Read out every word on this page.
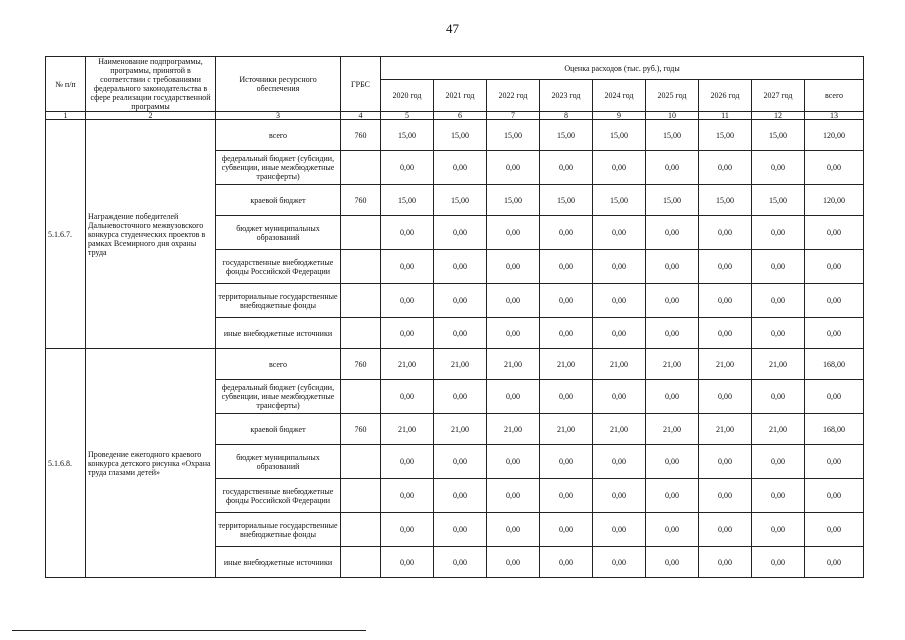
47
№ п/п	Наименование подпрограммы, программы, принятой в соответствии с требованиями федерального законодательства в сфере реализации государственной программы	Источники ресурсного обеспечения	ГРБС	Оценка расходов (тыс. руб.), годы								
				2020 год	2021 год	2022 год	2023 год	2024 год	2025 год	2026 год	2027 год	всего
1	2	3	4	5	6	7	8	9	10	11	12	13
5.1.6.7.	Награждение победителей Дальневосточного межвузовского конкурса студенческих проектов в рамках Всемирного дня охраны труда	всего	760	15,00	15,00	15,00	15,00	15,00	15,00	15,00	15,00	120,00
		федеральный бюджет (субсидии, субвенции, иные межбюджетные трансферты)		0,00	0,00	0,00	0,00	0,00	0,00	0,00	0,00	0,00
		краевой бюджет	760	15,00	15,00	15,00	15,00	15,00	15,00	15,00	15,00	120,00
		бюджет муниципальных образований		0,00	0,00	0,00	0,00	0,00	0,00	0,00	0,00	0,00
		государственные внебюджетные фонды Российской Федерации		0,00	0,00	0,00	0,00	0,00	0,00	0,00	0,00	0,00
		территориальные государственные внебюджетные фонды		0,00	0,00	0,00	0,00	0,00	0,00	0,00	0,00	0,00
		иные внебюджетные источники		0,00	0,00	0,00	0,00	0,00	0,00	0,00	0,00	0,00
5.1.6.8.	Проведение ежегодного краевого конкурса детского рисунка «Охрана труда глазами детей»	всего	760	21,00	21,00	21,00	21,00	21,00	21,00	21,00	21,00	168,00
		федеральный бюджет (субсидии, субвенции, иные межбюджетные трансферты)		0,00	0,00	0,00	0,00	0,00	0,00	0,00	0,00	0,00
		краевой бюджет	760	21,00	21,00	21,00	21,00	21,00	21,00	21,00	21,00	168,00
		бюджет муниципальных образований		0,00	0,00	0,00	0,00	0,00	0,00	0,00	0,00	0,00
		государственные внебюджетные фонды Российской Федерации		0,00	0,00	0,00	0,00	0,00	0,00	0,00	0,00	0,00
		территориальные государственные внебюджетные фонды		0,00	0,00	0,00	0,00	0,00	0,00	0,00	0,00	0,00
		иные внебюджетные источники		0,00	0,00	0,00	0,00	0,00	0,00	0,00	0,00	0,00
